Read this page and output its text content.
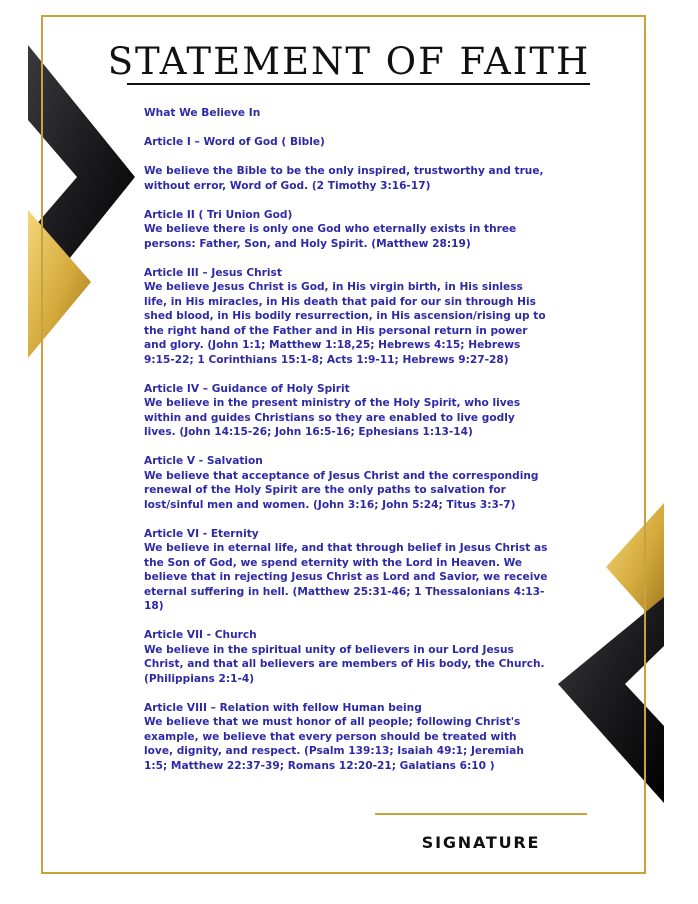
STATEMENT OF FAITH
What We Believe In

Article I – Word of God ( Bible)

We believe the Bible to be the only inspired, trustworthy and true, without error, Word of God. (2 Timothy 3:16-17)

Article II ( Tri Union God)

We believe there is only one God who eternally exists in three persons: Father, Son, and Holy Spirit. (Matthew 28:19)

Article III – Jesus Christ

We believe Jesus Christ is God, in His virgin birth, in His sinless life, in His miracles, in His death that paid for our sin through His shed blood, in His bodily resurrection, in His ascension/rising up to the right hand of the Father and in His personal return in power and glory. (John 1:1; Matthew 1:18,25; Hebrews 4:15; Hebrews 9:15-22; 1 Corinthians 15:1-8; Acts 1:9-11; Hebrews 9:27-28)

Article IV – Guidance of Holy Spirit

We believe in the present ministry of the Holy Spirit, who lives within and guides Christians so they are enabled to live godly lives. (John 14:15-26; John 16:5-16; Ephesians 1:13-14)

Article V - Salvation

We believe that acceptance of Jesus Christ and the corresponding renewal of the Holy Spirit are the only paths to salvation for lost/sinful men and women. (John 3:16; John 5:24; Titus 3:3-7)

Article VI - Eternity

We believe in eternal life, and that through belief in Jesus Christ as the Son of God, we spend eternity with the Lord in Heaven. We believe that in rejecting Jesus Christ as Lord and Savior, we receive eternal suffering in hell. (Matthew 25:31-46; 1 Thessalonians 4:13-18)

Article VII - Church

We believe in the spiritual unity of believers in our Lord Jesus Christ, and that all believers are members of His body, the Church. (Philippians 2:1-4)

Article VIII – Relation with fellow Human being

We believe that we must honor of all people; following Christ's example, we believe that every person should be treated with love, dignity, and respect. (Psalm 139:13; Isaiah 49:1; Jeremiah 1:5; Matthew 22:37-39; Romans 12:20-21; Galatians 6:10 )

SIGNATURE
